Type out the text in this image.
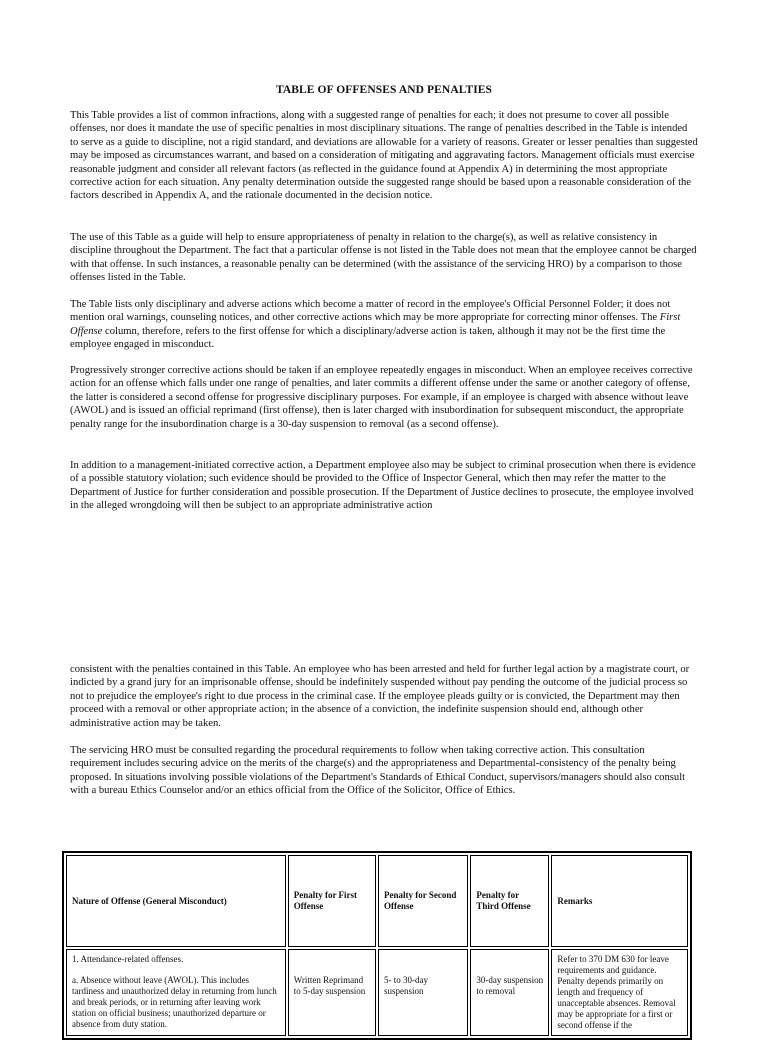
TABLE OF OFFENSES AND PENALTIES

This Table provides a list of common infractions, along with a suggested range of penalties for each; it does not presume to cover all possible offenses, nor does it mandate the use of specific penalties in most disciplinary situations. The range of penalties described in the Table is intended to serve as a guide to discipline, not a rigid standard, and deviations are allowable for a variety of reasons. Greater or lesser penalties than suggested may be imposed as circumstances warrant, and based on a consideration of mitigating and aggravating factors. Management officials must exercise reasonable judgment and consider all relevant factors (as reflected in the guidance found at Appendix A) in determining the most appropriate corrective action for each situation. Any penalty determination outside the suggested range should be based upon a reasonable consideration of the factors described in Appendix A, and the rationale documented in the decision notice.

The use of this Table as a guide will help to ensure appropriateness of penalty in relation to the charge(s), as well as relative consistency in discipline throughout the Department. The fact that a particular offense is not listed in the Table does not mean that the employee cannot be charged with that offense. In such instances, a reasonable penalty can be determined (with the assistance of the servicing HRO) by a comparison to those offenses listed in the Table.

The Table lists only disciplinary and adverse actions which become a matter of record in the employee's Official Personnel Folder; it does not mention oral warnings, counseling notices, and other corrective actions which may be more appropriate for correcting minor offenses. The First Offense column, therefore, refers to the first offense for which a disciplinary/adverse action is taken, although it may not be the first time the employee engaged in misconduct.

Progressively stronger corrective actions should be taken if an employee repeatedly engages in misconduct. When an employee receives corrective action for an offense which falls under one range of penalties, and later commits a different offense under the same or another category of offense, the latter is considered a second offense for progressive disciplinary purposes. For example, if an employee is charged with absence without leave (AWOL) and is issued an official reprimand (first offense), then is later charged with insubordination for subsequent misconduct, the appropriate penalty range for the insubordination charge is a 30-day suspension to removal (as a second offense).

In addition to a management-initiated corrective action, a Department employee also may be subject to criminal prosecution when there is evidence of a possible statutory violation; such evidence should be provided to the Office of Inspector General, which then may refer the matter to the Department of Justice for further consideration and possible prosecution. If the Department of Justice declines to prosecute, the employee involved in the alleged wrongdoing will then be subject to an appropriate administrative action

consistent with the penalties contained in this Table. An employee who has been arrested and held for further legal action by a magistrate court, or indicted by a grand jury for an imprisonable offense, should be indefinitely suspended without pay pending the outcome of the judicial process so not to prejudice the employee's right to due process in the criminal case. If the employee pleads guilty or is convicted, the Department may then proceed with a removal or other appropriate action; in the absence of a conviction, the indefinite suspension should end, although other administrative action may be taken.

The servicing HRO must be consulted regarding the procedural requirements to follow when taking corrective action. This consultation requirement includes securing advice on the merits of the charge(s) and the appropriateness and Departmental-consistency of the penalty being proposed. In situations involving possible violations of the Department's Standards of Ethical Conduct, supervisors/managers should also consult with a bureau Ethics Counselor and/or an ethics official from the Office of the Solicitor, Office of Ethics.

Nature of Offense (General Misconduct)	Penalty for First Offense	Penalty for Second Offense	Penalty for Third Offense	Remarks

1. Attendance-related offenses.
a. Absence without leave (AWOL). This includes tardiness and unauthorized delay in returning from lunch and break periods, or in returning after leaving work station on official business; unauthorized departure or absence from duty station.	Written Reprimand to 5-day suspension	5- to 30-day suspension	30-day suspension to removal	Refer to 370 DM 630 for leave requirements and guidance. Penalty depends primarily on length and frequency of unacceptable absences. Removal may be appropriate for a first or second offense if the
